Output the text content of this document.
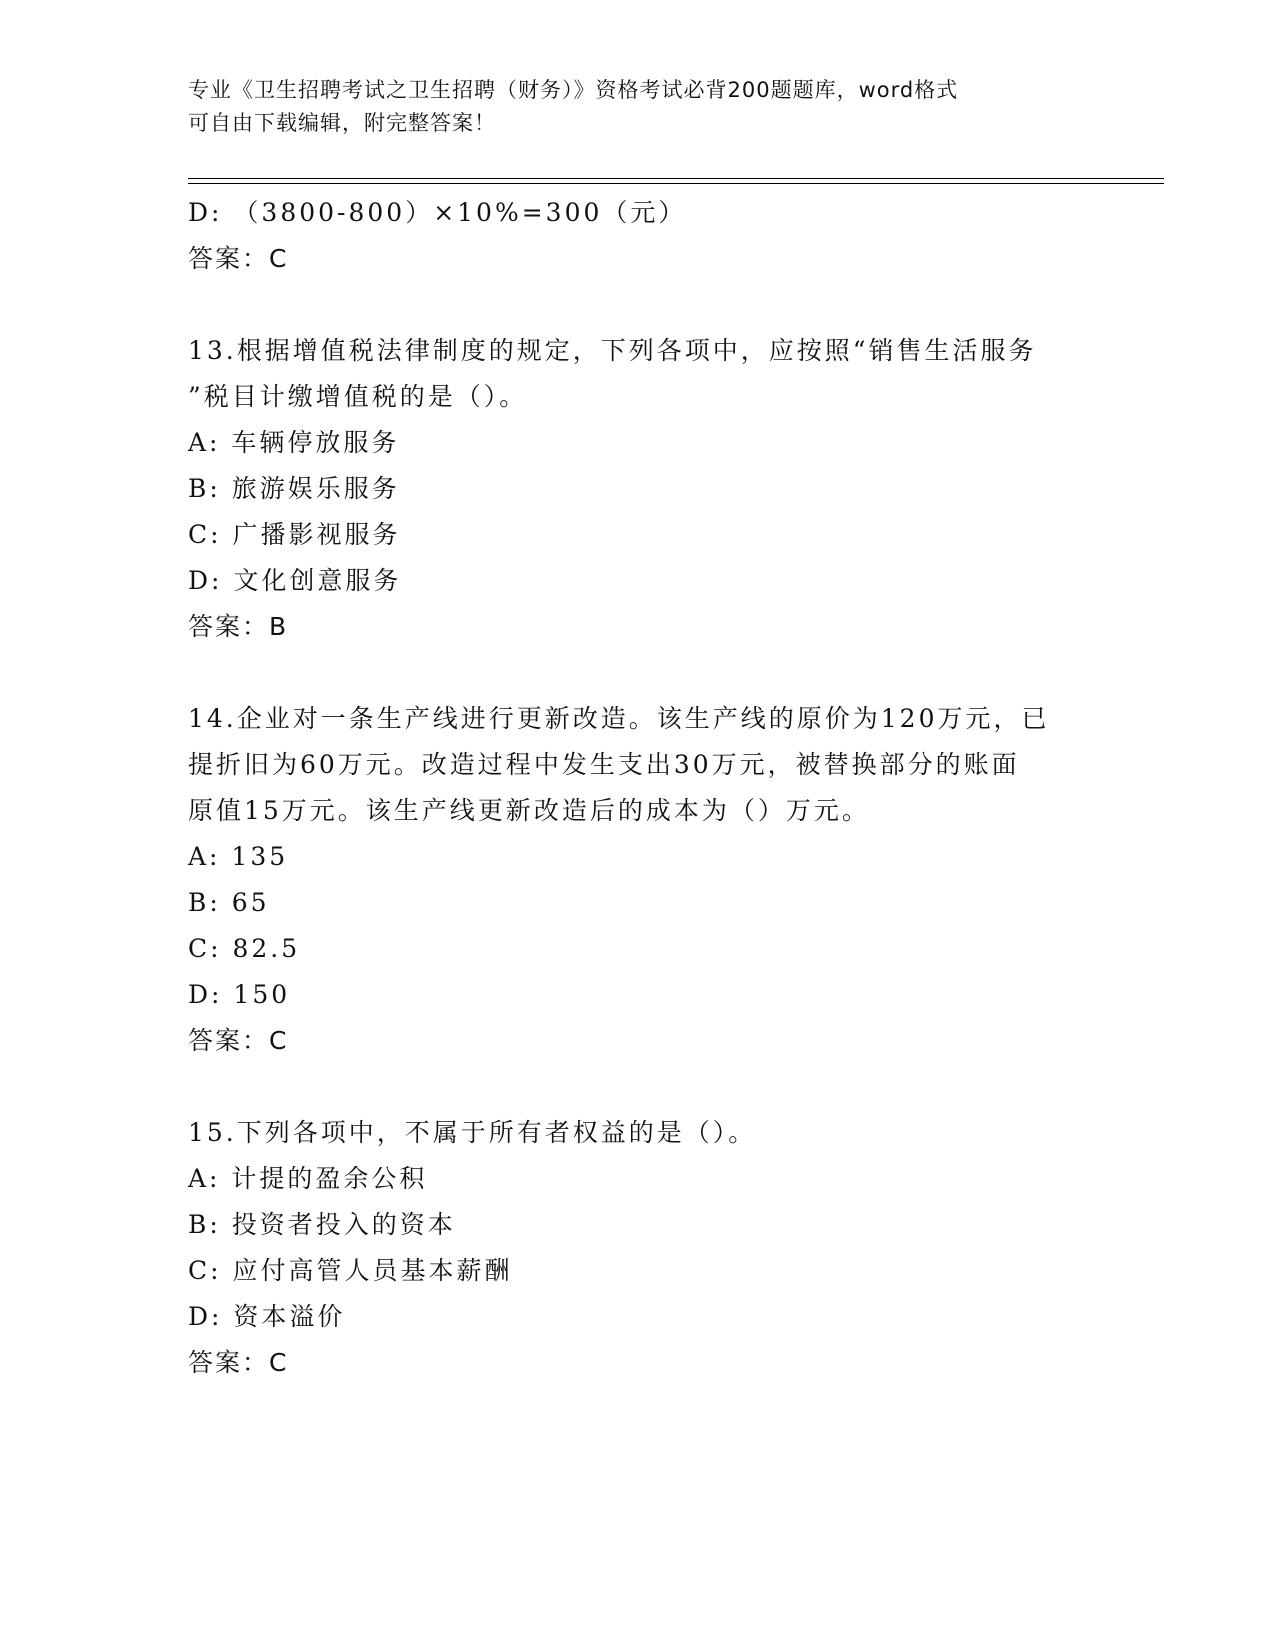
专业《卫生招聘考试之卫生招聘（财务）》资格考试必背200题题库，word格式
可自由下载编辑，附完整答案！
D: （3800-800）×10%=300（元）
答案：C
13.根据增值税法律制度的规定，下列各项中，应按照“销售生活服务
”税目计缴增值税的是（）。
A: 车辆停放服务
B: 旅游娱乐服务
C: 广播影视服务
D: 文化创意服务
答案：B
14.企业对一条生产线进行更新改造。该生产线的原价为120万元，已
提折旧为60万元。改造过程中发生支出30万元，被替换部分的账面
原值15万元。该生产线更新改造后的成本为（）万元。
A: 135
B: 65
C: 82.5
D: 150
答案：C
15.下列各项中，不属于所有者权益的是（）。
A: 计提的盈余公积
B: 投资者投入的资本
C: 应付高管人员基本薪酬
D: 资本溢价
答案：C
